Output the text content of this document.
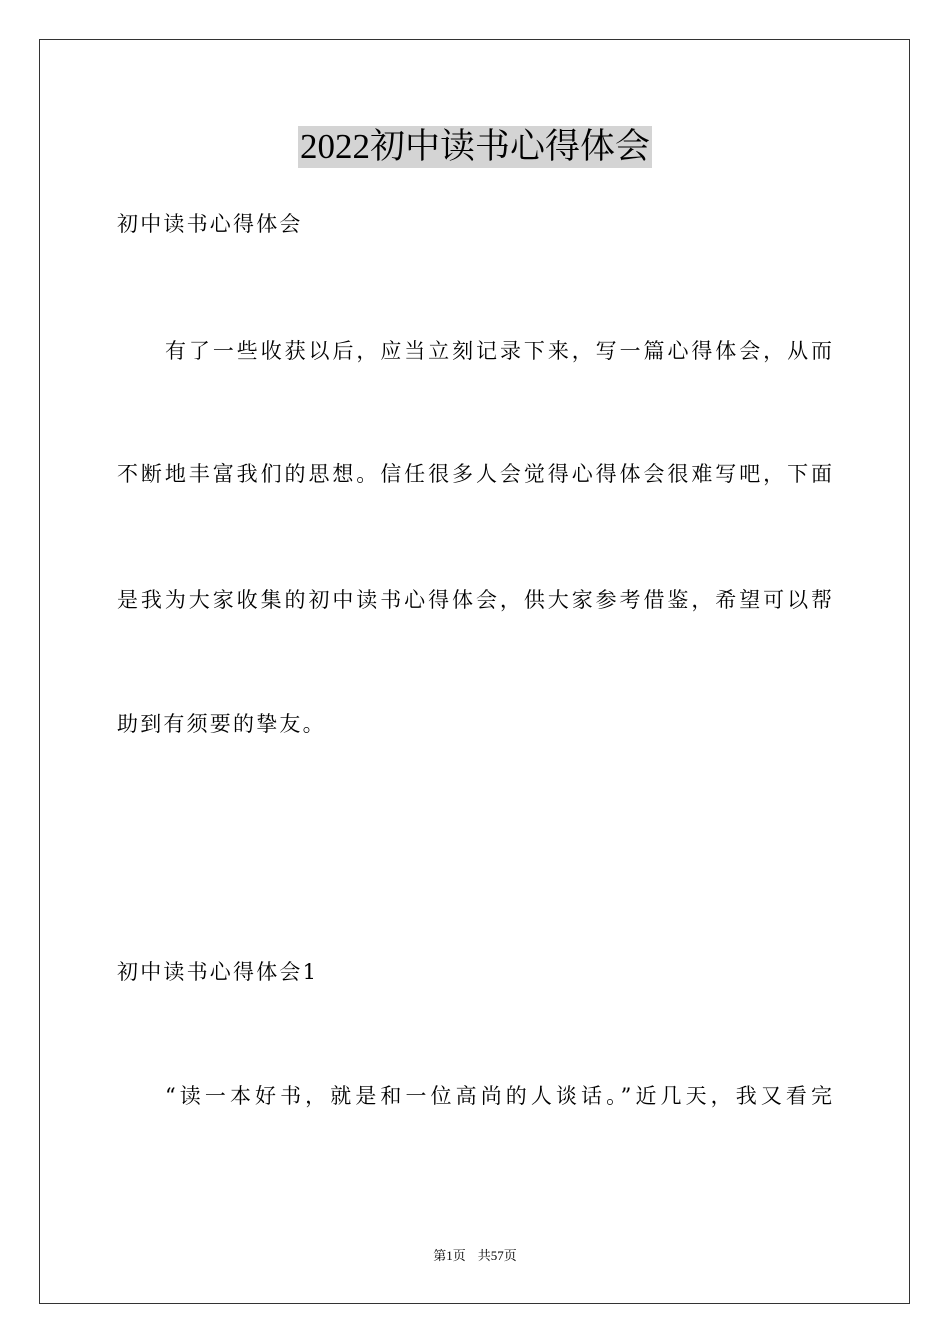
2022初中读书心得体会
初中读书心得体会
有了一些收获以后，应当立刻记录下来，写一篇心得体会，从而
不断地丰富我们的思想。信任很多人会觉得心得体会很难写吧，下面
是我为大家收集的初中读书心得体会，供大家参考借鉴，希望可以帮
助到有须要的挚友。
初中读书心得体会1
“读一本好书，就是和一位高尚的人谈话。”近几天，我又看完
第1页 共57页
